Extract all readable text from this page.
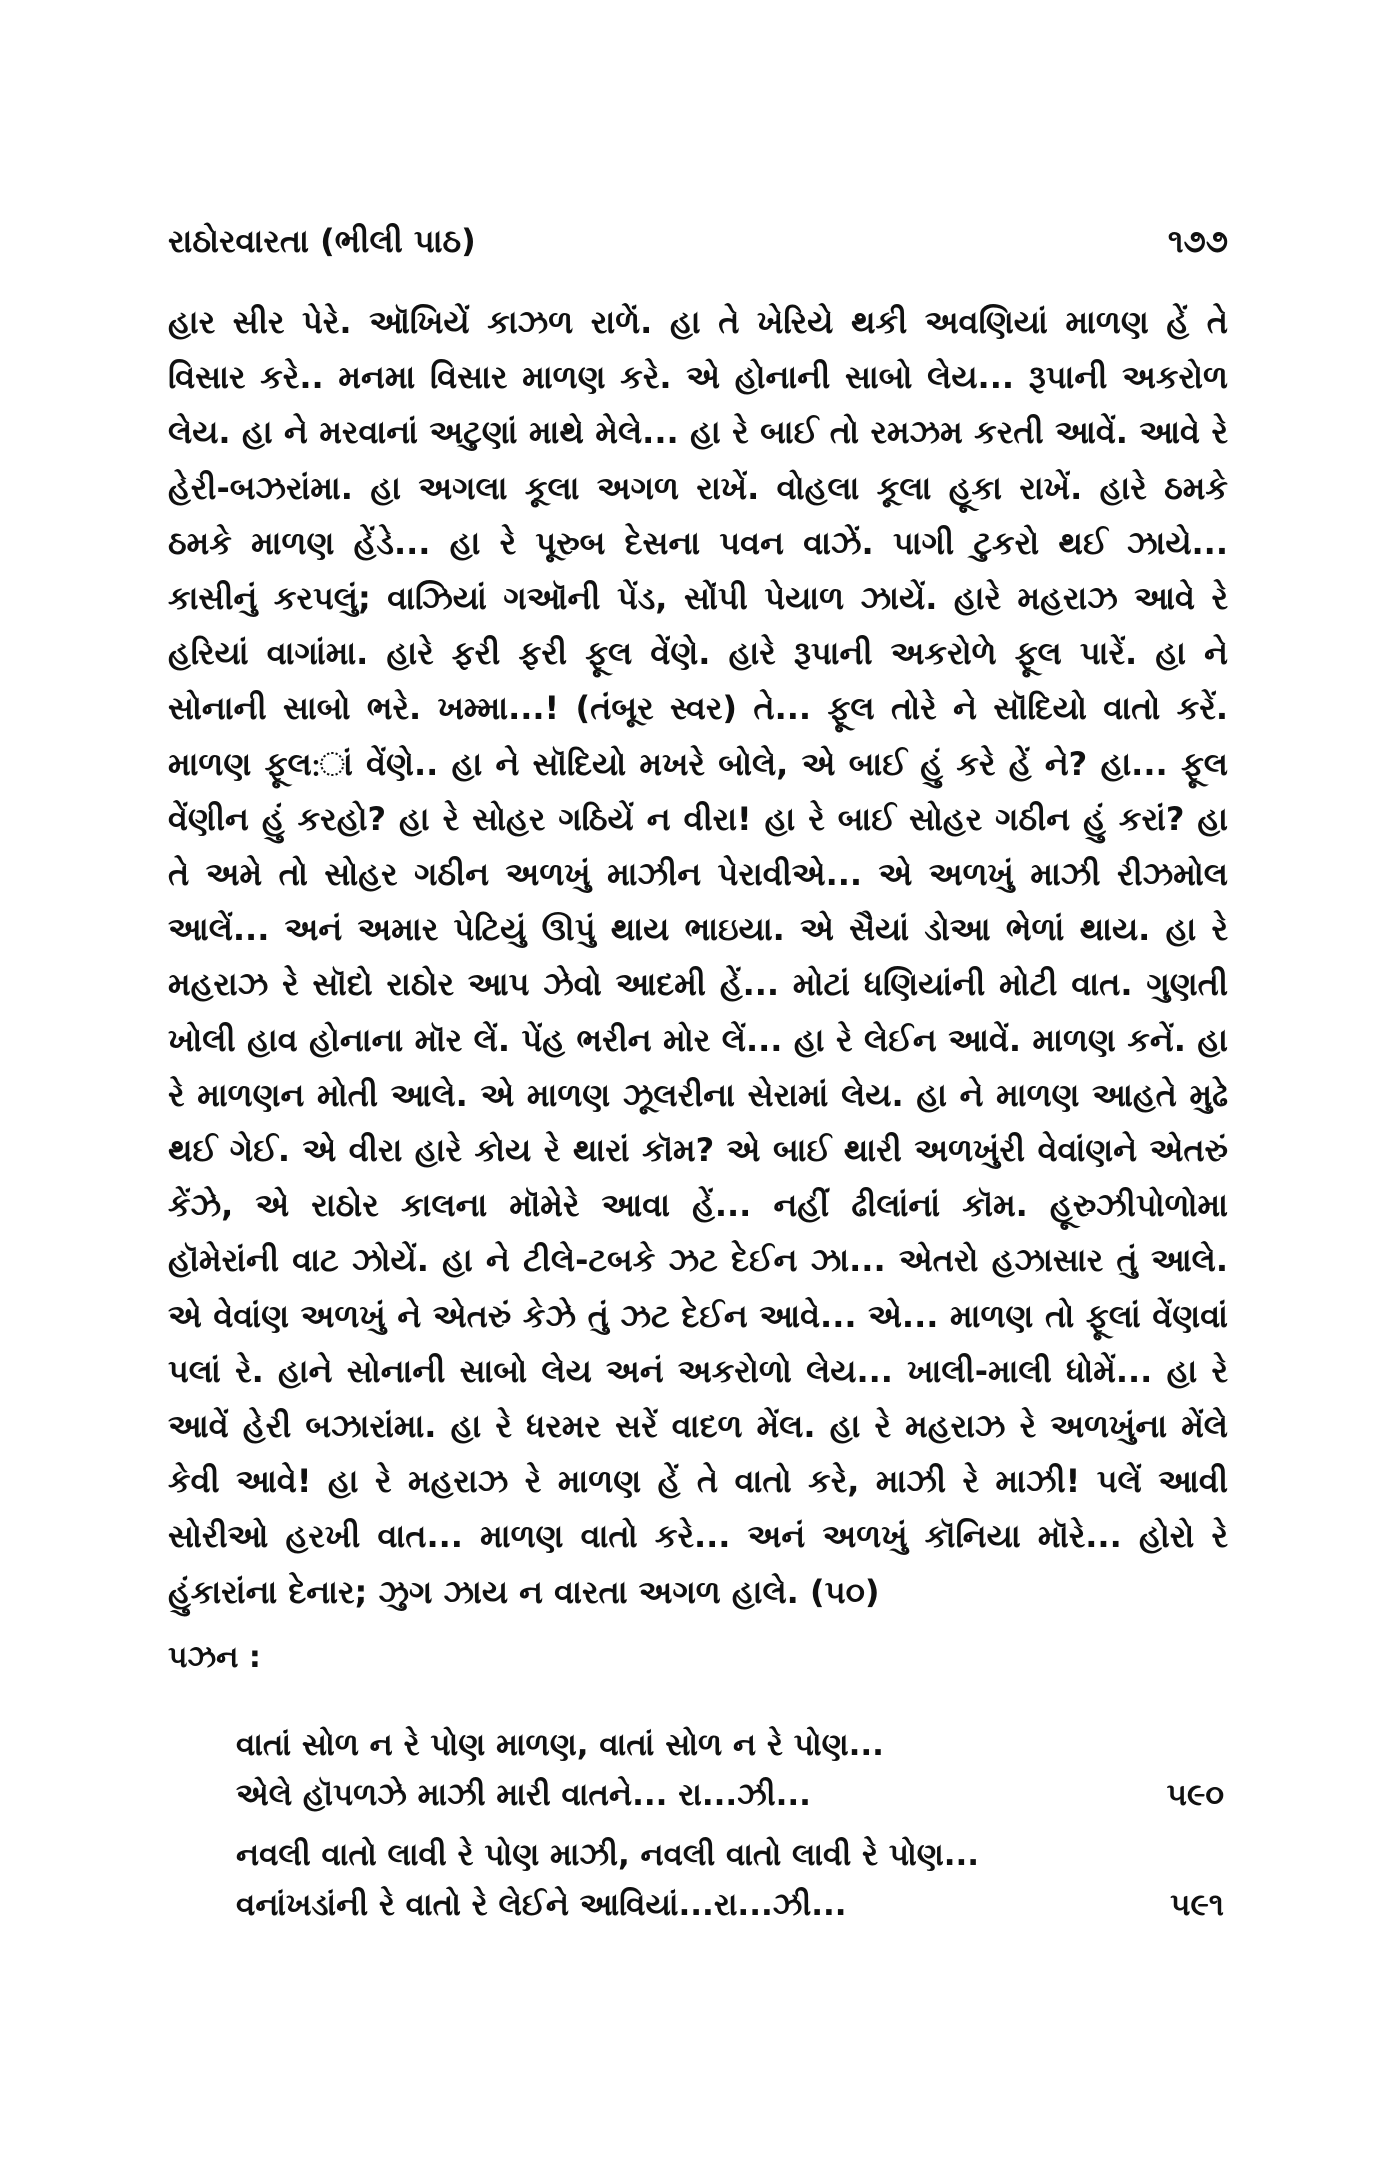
રાઠોરવારતા (ભીલી પાઠ)	૧૭૭

હાર સીર પેરે. ઑખિયેં કાઝળ રાળેં. હા તે ખેરિયે થકી અવણિયાં માળણ હેં તે વિસાર કરે.. મનમા વિસાર માળણ કરે. એ હોનાની સાબો લેય... રૂપાની અકરોળ લેય. હા ને મરવાનાં અટુણાં માથે મેલે... હા રે બાઈ તો રમઝમ કરતી આવેં. આવે રે હેરી-બઝરાંમા. હા અગલા કૂલા અગળ રાખેં. વોહલા કૂલા હૂકા રાખેં. હારે ઠમકે ઠમકે માળણ હેંડે... હા રે પૂરુબ દેસના પવન વાઝેં. પાગી ટુકરો થઈ ઝાયે... કાસીનું કરપલું; વાઝિયાં ગઑની પેંડ, સોંપી પેયાળ ઝાયેં. હારે મહરાઝ આવે રે હરિયાં વાગાંમા. હારે ફરી ફરી ફૂલ વેંણે. હારે રૂપાની અકરોળે ફૂલ પારેં. હા ને સોનાની સાબો ભરે. ખમ્મા...! (તંબૂર સ્વર) તે... ફૂલ તોરે ને સૉદિયો વાતો કરેં. માળણ ફૂલ:ાં વેંણે.. હા ને સૉદિયો મખરે બોલે, એ બાઈ હું કરે હેં ને? હા... ફૂલ વેંણીન હું કરહો? હા રે સોહર ગઠિયેં ન વીરા! હા રે બાઈ સોહર ગઠીન હું કરાં? હા તે અમે તો સોહર ગઠીન અળખું માઝીન પેરાવીએ... એ અળખું માઝી રીઝમોલ આલેં... અનં અમાર પેટિયું ઊપું થાય ભાઇયા. એ સૈયાં ડોઆ ભેળાં થાય. હા રે મહરાઝ રે સૉદો રાઠોર આપ ઝેવો આદમી હેં... મોટાં ધણિયાંની મોટી વાત. ગુણતી ખોલી હાવ હોનાના મૉર લેં. પેંહ ભરીન મોર લેં... હા રે લેઈન આવેં. માળણ કનેં. હા રે માળણન મોતી આલે. એ માળણ ઝૂલરીના સેરામાં લેય. હા ને માળણ આહતે મુઢે થઈ ગેઈ. એ વીરા હારે કોય રે થારાં કૉમ? એ બાઈ થારી અળખુંરી વેવાંણને એતરું કેંઝે, એ રાઠોર કાલના મૉમેરે આવા હેં... નહીં ઢીલાંનાં કૉમ. હૂરુઝીપોળોમા હૉમેરાંની વાટ ઝોયેં. હા ને ટીલે-ટબકે ઝટ દેઈન ઝા... એતરો હઝાસાર તું આલે. એ વેવાંણ અળખું ને એતરું કેઝે તું ઝટ દેઈન આવે... એ... માળણ તો ફૂલાં વેંણવાં પલાં રે. હાને સોનાની સાબો લેય અનં અકરોળો લેય... ખાલી-માલી ધોમેં... હા રે આવેં હેરી બઝારાંમા. હા રે ધરમર સરેં વાદળ મેંલ. હા રે મહરાઝ રે અળખુંના મેંલે કેવી આવે! હા રે મહરાઝ રે માળણ હેં તે વાતો કરે, માઝી રે માઝી! પલેં આવી સોરીઓ હરખી વાત... માળણ વાતો કરે... અનં અળખું કૉનિયા મૉરે... હોરો રે હુંકારાંના દેનાર; ઝુગ ઝાય ન વારતા અગળ હાલે. (૫૦)

પઝન :
વાતાં સોળ ન રે પોણ માળણ, વાતાં સોળ ન રે પોણ...
એલે હૉપળઝે માઝી મારી વાતને... રા...ઝી...	૫૯૦
નવલી વાતો લાવી રે પોણ માઝી, નવલી વાતો લાવી રે પોણ...
વનાંખડાંની રે વાતો રે લેઈને આવિયાં...રા...ઝી...	૫૯૧
